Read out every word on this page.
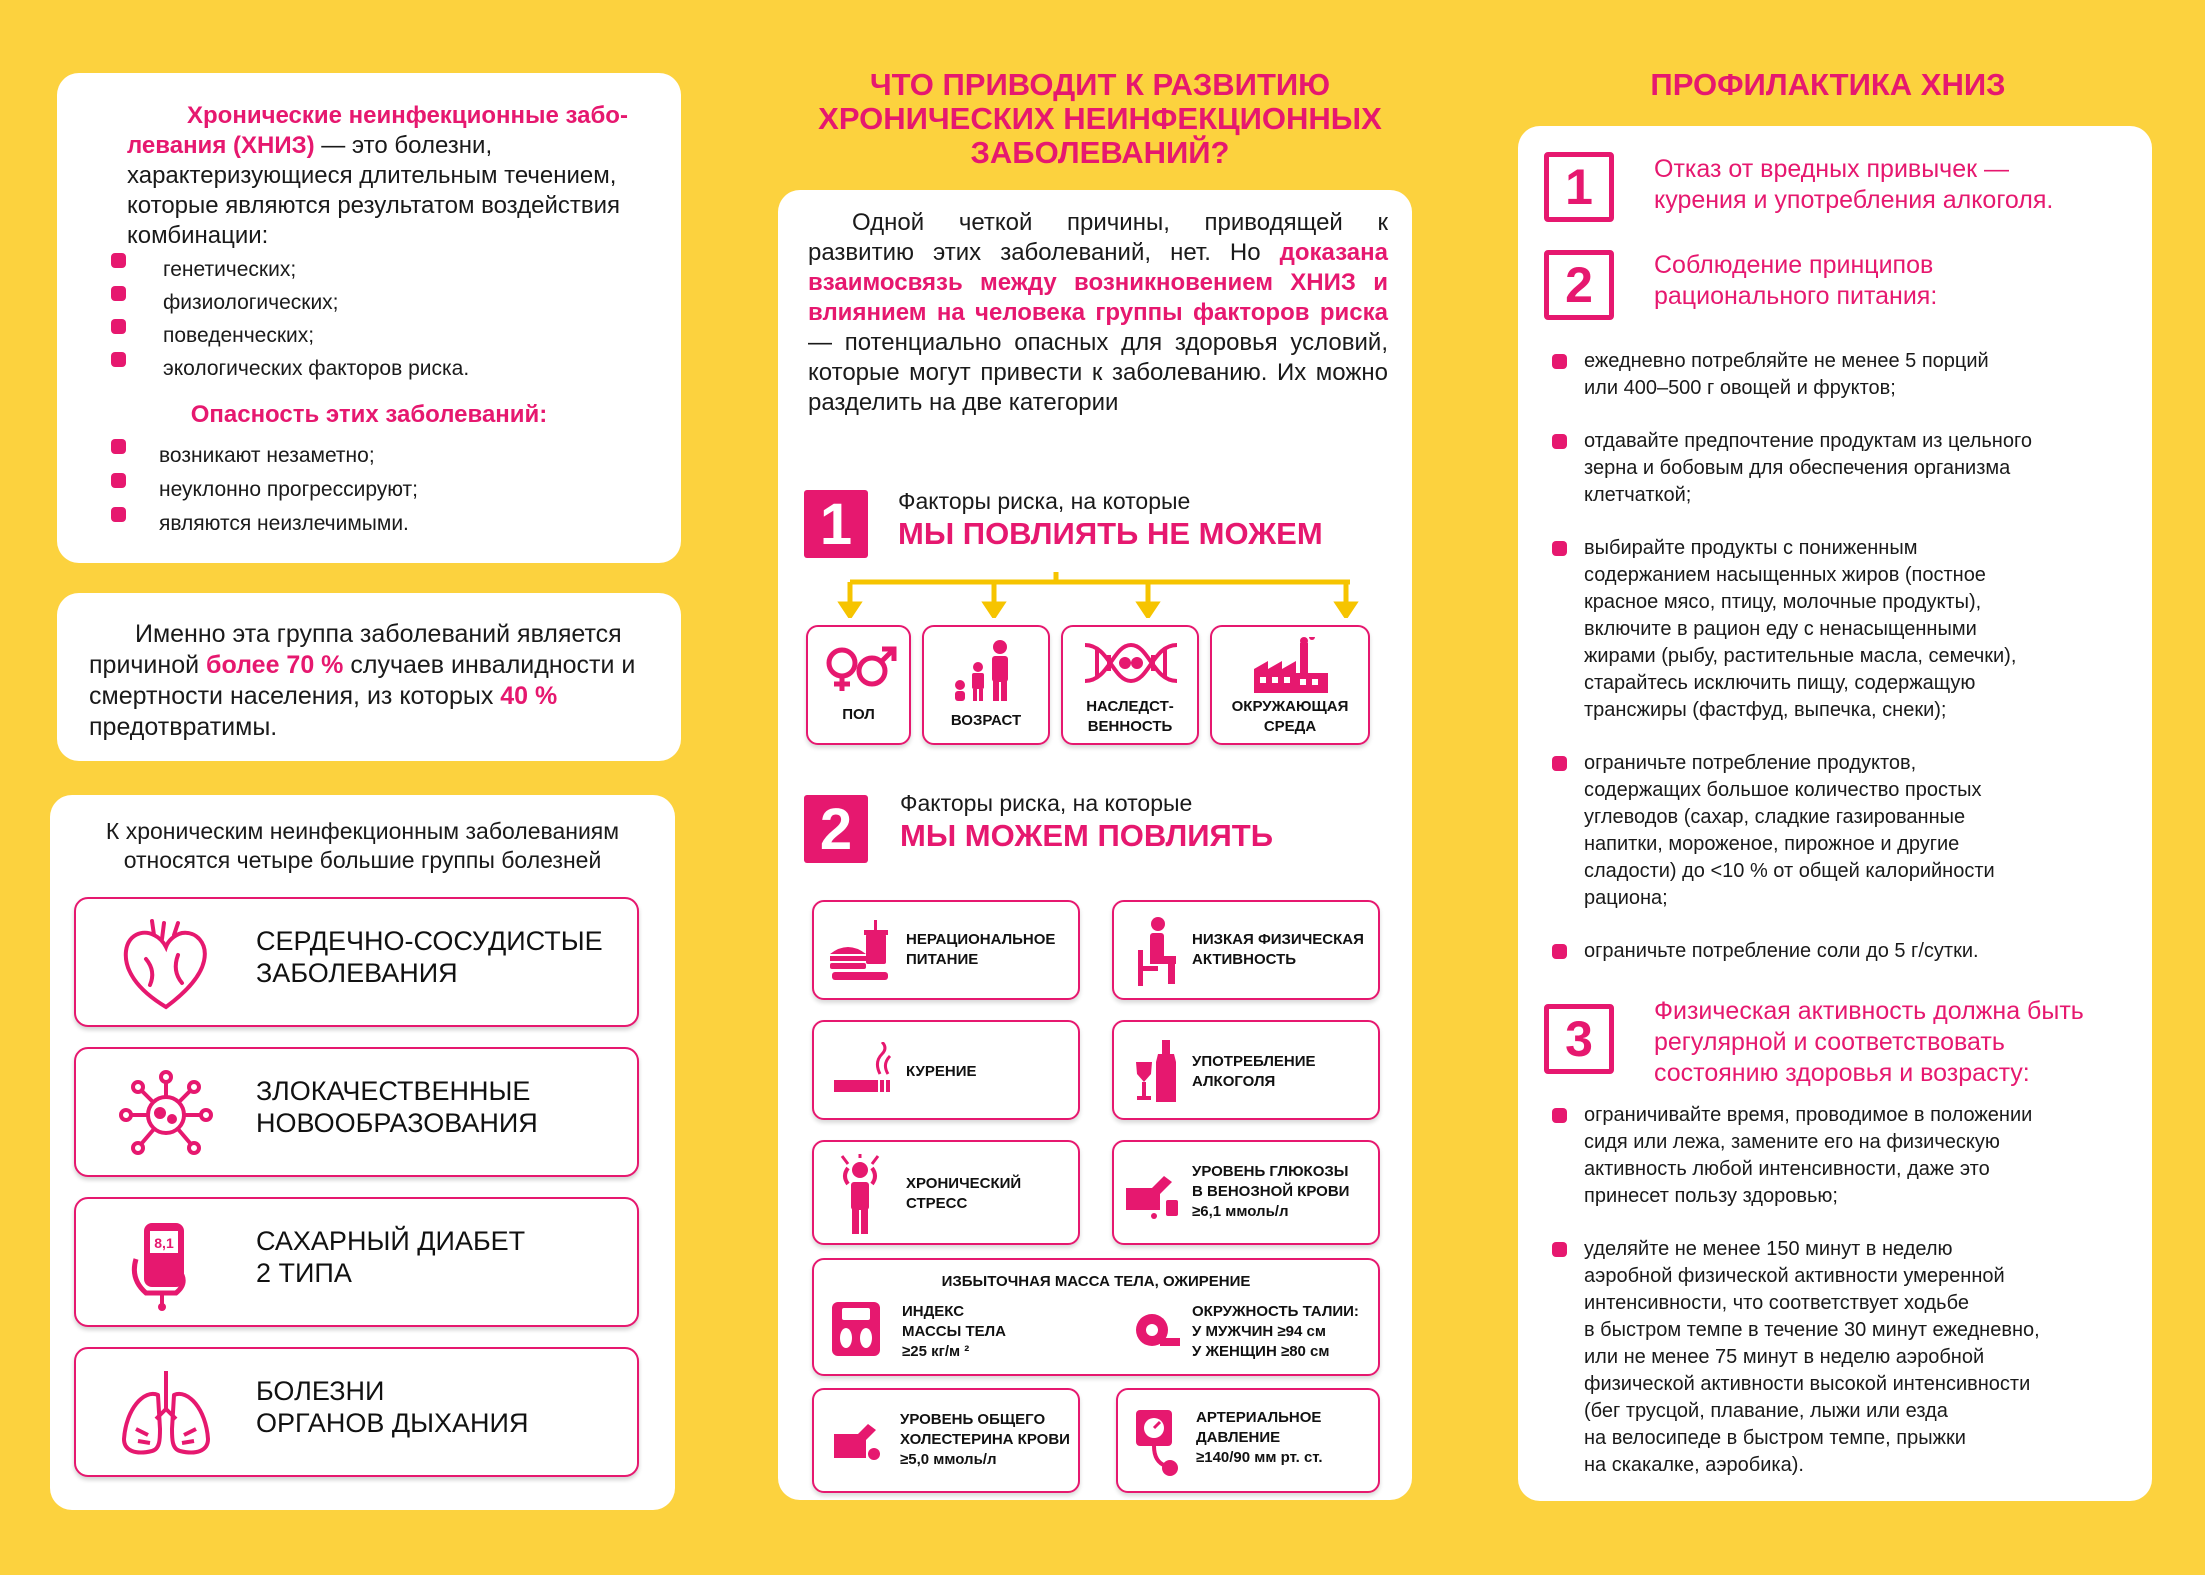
Хронические неинфекционные заболевания (ХНИЗ) — это болезни, характеризующиеся длительным течением, которые являются результатом воздействия комбинации:
генетических;
физиологических;
поведенческих;
экологических факторов риска.
Опасность этих заболеваний:
возникают незаметно;
неуклонно прогрессируют;
являются неизлечимыми.
Именно эта группа заболеваний является причиной более 70 % случаев инвалидности и смертности населения, из которых 40 % предотвратимы.
К хроническим неинфекционным заболеваниям относятся четыре большие группы болезней
СЕРДЕЧНО-СОСУДИСТЫЕ
ЗАБОЛЕВАНИЯ
ЗЛОКАЧЕСТВЕННЫЕ
НОВООБРАЗОВАНИЯ
8,1	САХАРНЫЙ ДИАБЕТ
2 ТИПА
БОЛЕЗНИ
ОРГАНОВ ДЫХАНИЯ
ЧТО ПРИВОДИТ К РАЗВИТИЮ
ХРОНИЧЕСКИХ НЕИНФЕКЦИОННЫХ
ЗАБОЛЕВАНИЙ?
Одной четкой причины, приводящей к развитию этих заболеваний, нет. Но доказана взаимосвязь между возникновением ХНИЗ и влиянием на человека группы факторов риска — потенциально опасных для здоровья условий, которые могут привести к заболеванию. Их можно разделить на две категории
1	Факторы риска, на которые
МЫ ПОВЛИЯТЬ НЕ МОЖЕМ
ПОЛ	ВОЗРАСТ
НАСЛЕДСТ-
ВЕННОСТЬ
ОКРУЖАЮЩАЯ
СРЕДА
2	Факторы риска, на которые
МЫ МОЖЕМ ПОВЛИЯТЬ
НЕРАЦИОНАЛЬНОЕ
ПИТАНИЕ
НИЗКАЯ ФИЗИЧЕСКАЯ
АКТИВНОСТЬ
КУРЕНИЕ
УПОТРЕБЛЕНИЕ
АЛКОГОЛЯ
ХРОНИЧЕСКИЙ
СТРЕСС
УРОВЕНЬ ГЛЮКОЗЫ
В ВЕНОЗНОЙ КРОВИ
≥6,1 ммоль/л
ИЗБЫТОЧНАЯ МАССА ТЕЛА, ОЖИРЕНИЕ
ИНДЕКС
МАССЫ ТЕЛА
≥25 кг/м ²
ОКРУЖНОСТЬ ТАЛИИ:
У МУЖЧИН ≥94 см
У ЖЕНЩИН ≥80 см
УРОВЕНЬ ОБЩЕГО
ХОЛЕСТЕРИНА КРОВИ
≥5,0 ммоль/л
АРТЕРИАЛЬНОЕ
ДАВЛЕНИЕ
≥140/90 мм рт. ст.
ПРОФИЛАКТИКА ХНИЗ
1	Отказ от вредных привычек —
курения и употребления алкоголя.
2	Соблюдение принципов
рационального питания:
ежедневно потребляйте не менее 5 порций
или 400–500 г овощей и фруктов;
отдавайте предпочтение продуктам из цельного
зерна и бобовым для обеспечения организма
клетчаткой;
выбирайте продукты с пониженным
содержанием насыщенных жиров (постное
красное мясо, птицу, молочные продукты),
включите в рацион еду с ненасыщенными
жирами (рыбу, растительные масла, семечки),
старайтесь исключить пищу, содержащую
трансжиры (фастфуд, выпечка, снеки);
ограничьте потребление продуктов,
содержащих большое количество простых
углеводов (сахар, сладкие газированные
напитки, мороженое, пирожное и другие
сладости) до <10 % от общей калорийности
рациона;
ограничьте потребление соли до 5 г/сутки.
3	Физическая активность должна быть
регулярной и соответствовать
состоянию здоровья и возрасту:
ограничивайте время, проводимое в положении
сидя или лежа, замените его на физическую
активность любой интенсивности, даже это
принесет пользу здоровью;
уделяйте не менее 150 минут в неделю
аэробной физической активности умеренной
интенсивности, что соответствует ходьбе
в быстром темпе в течение 30 минут ежедневно,
или не менее 75 минут в неделю аэробной
физической активности высокой интенсивности
(бег трусцой, плавание, лыжи или езда
на велосипеде в быстром темпе, прыжки
на скакалке, аэробика).
